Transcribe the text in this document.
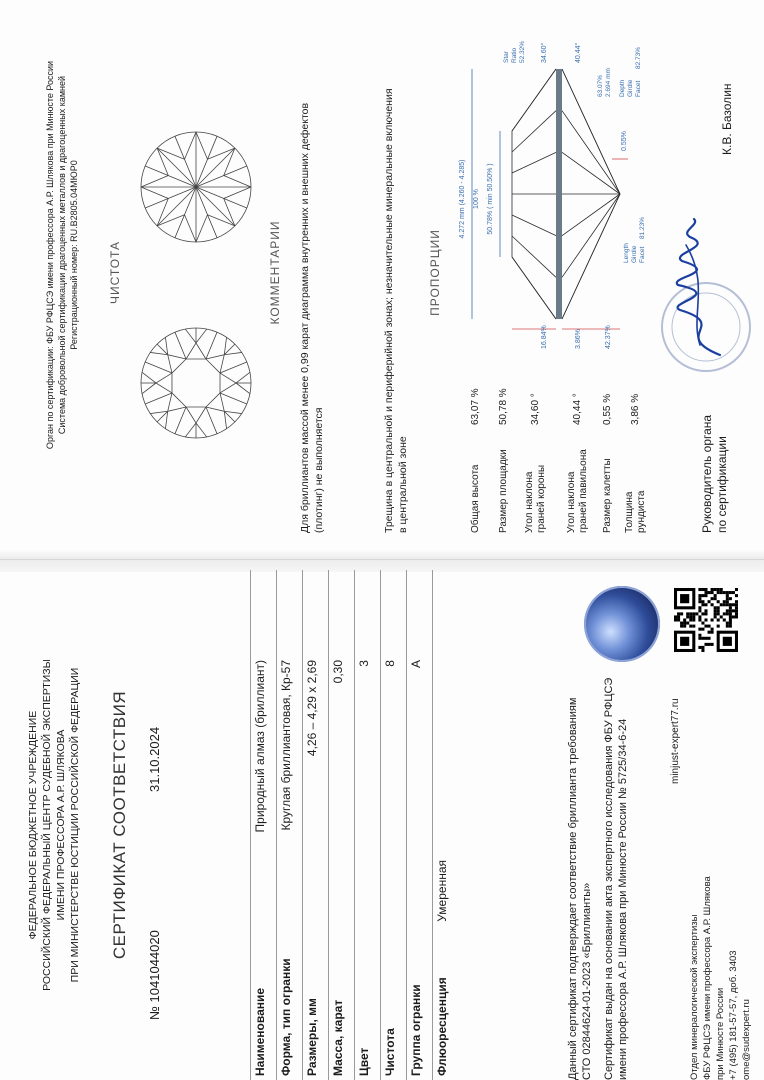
ФЕДЕРАЛЬНОЕ БЮДЖЕТНОЕ УЧРЕЖДЕНИЕ РОССИЙСКИЙ ФЕДЕРАЛЬНЫЙ ЦЕНТР СУДЕБНОЙ ЭКСПЕРТИЗЫ ИМЕНИ ПРОФЕССОРА А.Р. ШЛЯКОВА ПРИ МИНИСТЕРСТВЕ ЮСТИЦИИ РОССИЙСКОЙ ФЕДЕРАЦИИ СЕРТИФИКАТ СООТВЕТСТВИЯ
№ 1041044020
31.10.2024
Наименование
Природный алмаз (бриллиант)
Форма, тип огранки
Круглая бриллиантовая, Кр-57
Размеры, мм
4,26 – 4,29 x 2,69
Масса, карат
0,30
Цвет
3
Чистота
8
Группа огранки
А
Флюоресценция
Умеренная	Данный сертификат подтверждает соответствие бриллианта требованиям СТО 02844624-01-2023 «Бриллианты» Сертификат выдан на основании акта экспертного исследования ФБУ РФЦСЭ имени профессора А.Р. Шлякова при Минюсте России № 5725/34-6-24	Отдел минералогической экспертизы ФБУ РФЦСЭ имени профессора А.Р. Шлякова при Минюсте России +7 (495) 181-57-57, доб. 3403 ome@sudexpert.ru
minjust-expert77.ru
Орган по сертификации: ФБУ РФЦСЭ имени профессора А.Р. Шлякова при Минюсте России Система добровольной сертификации драгоценных металлов и драгоценных камней Регистрационный номер: RU.B2805.04МЮР0 ЧИСТОТА	КОММЕНТАРИИ Для бриллиантов массой менее 0,99 карат диаграмма внутренних и внешних дефектов (плотинг) не выполняется	Трещина в центральной и периферийной зонах; незначительные минеральные включения в центральной зоне
ПРОПОРЦИИ
Общая высота
63,07 %
Размер площадки
50,78 %
Угол наклона граней короны
34,60 °
Угол наклона граней павильона
40,44 °
Размер калетты
0,55 %
Толщина рундиста
3,86 %
4.272 mm (4.260 - 4.285) 100 % 50.78% ( min 50.50% )
16.84%	3.86%	42.37%
0.55%
34.60°	40.44°
Length Girdle Facet
81.23%
Star Ratio 52.32%
63.07% 2.694 mm Depth Girdle Facet
82.73%
Руководитель органа по сертификации
К.В. Базолин
